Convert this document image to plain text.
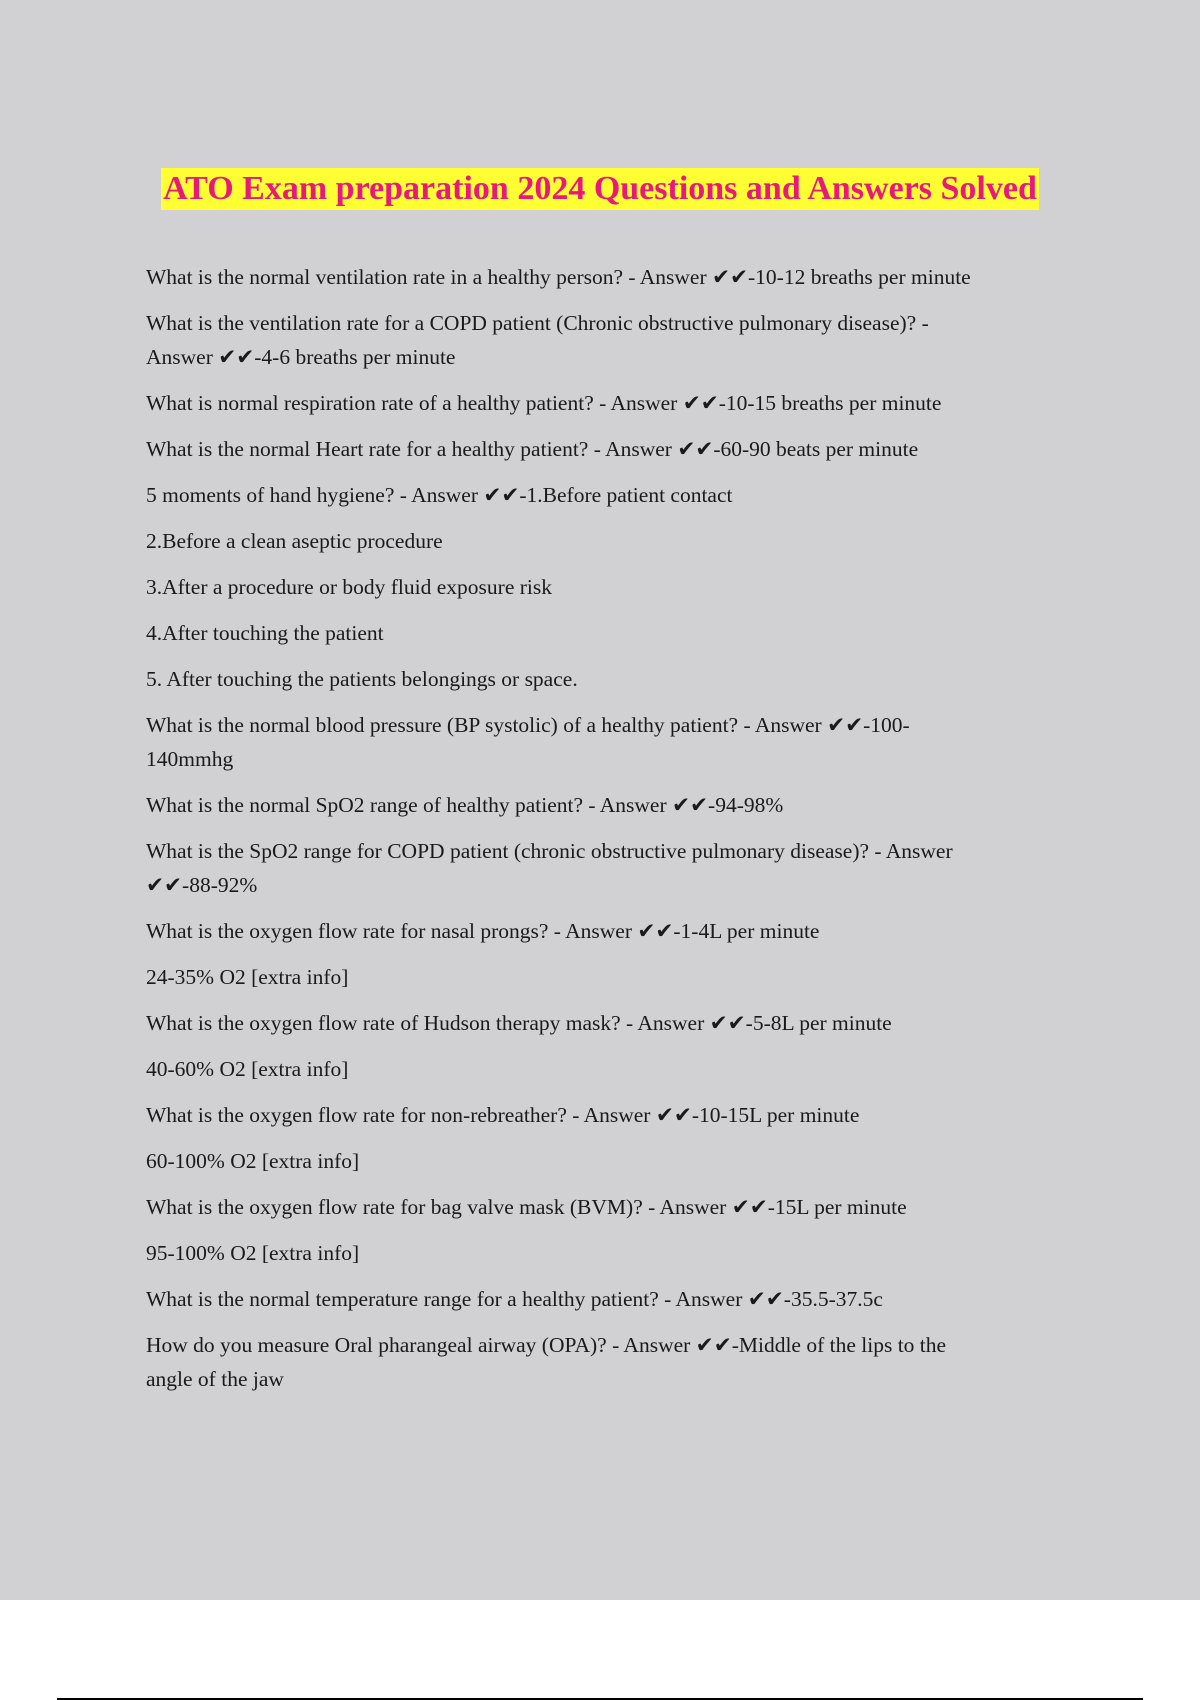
ATO Exam preparation 2024 Questions and Answers Solved

What is the normal ventilation rate in a healthy person? - Answer ✔✔-10-12 breaths per minute

What is the ventilation rate for a COPD patient (Chronic obstructive pulmonary disease)? -
Answer ✔✔-4-6 breaths per minute

What is normal respiration rate of a healthy patient? - Answer ✔✔-10-15 breaths per minute

What is the normal Heart rate for a healthy patient? - Answer ✔✔-60-90 beats per minute

5 moments of hand hygiene? - Answer ✔✔-1.Before patient contact

2.Before a clean aseptic procedure

3.After a procedure or body fluid exposure risk

4.After touching the patient

5. After touching the patients belongings or space.

What is the normal blood pressure (BP systolic) of a healthy patient? - Answer ✔✔-100-
140mmhg

What is the normal SpO2 range of healthy patient? - Answer ✔✔-94-98%

What is the SpO2 range for COPD patient (chronic obstructive pulmonary disease)? - Answer
✔✔-88-92%

What is the oxygen flow rate for nasal prongs? - Answer ✔✔-1-4L per minute

24-35% O2 [extra info]

What is the oxygen flow rate of Hudson therapy mask? - Answer ✔✔-5-8L per minute

40-60% O2 [extra info]

What is the oxygen flow rate for non-rebreather? - Answer ✔✔-10-15L per minute

60-100% O2 [extra info]

What is the oxygen flow rate for bag valve mask (BVM)? - Answer ✔✔-15L per minute

95-100% O2 [extra info]

What is the normal temperature range for a healthy patient? - Answer ✔✔-35.5-37.5c

How do you measure Oral pharangeal airway (OPA)? - Answer ✔✔-Middle of the lips to the
angle of the jaw
